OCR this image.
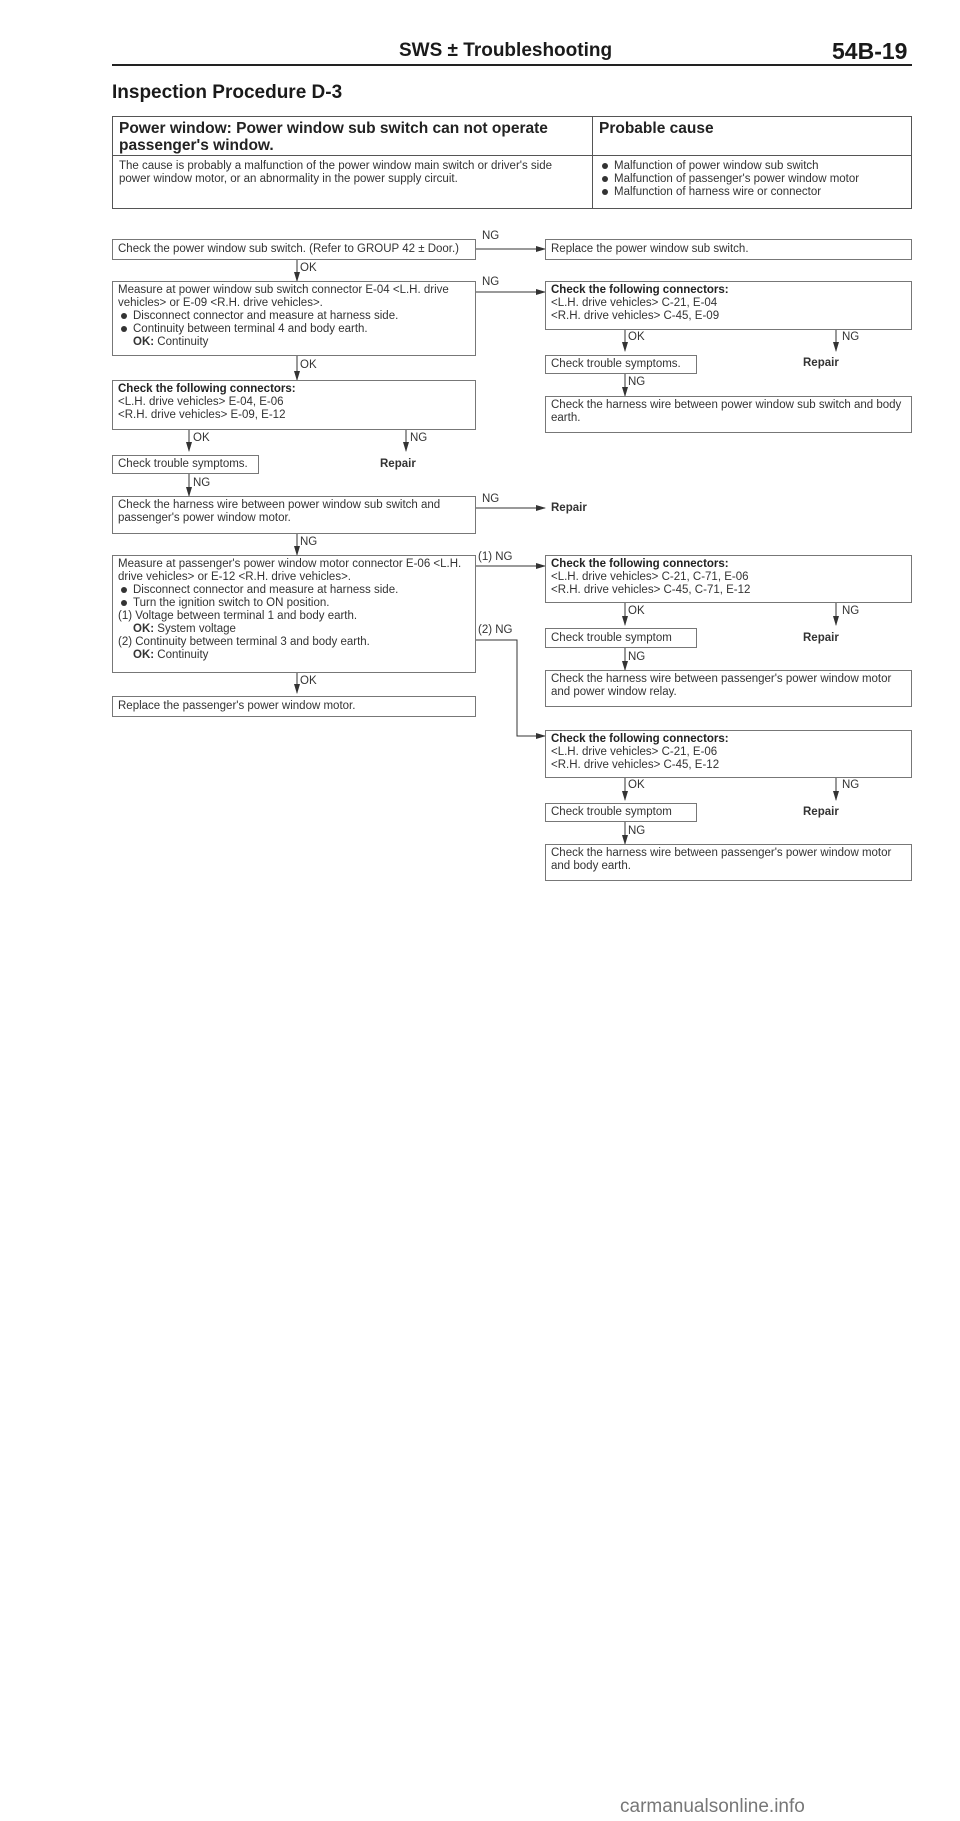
SWS ± Troubleshooting	54B-19
Inspection Procedure D-3
Power window: Power window sub switch can not operate passenger's window.
Probable cause
The cause is probably a malfunction of the power window main switch or driver's side power window motor, or an abnormality in the power supply circuit.
Malfunction of power window sub switch
Malfunction of passenger's power window motor
Malfunction of harness wire or connector
Check the power window sub switch. (Refer to GROUP 42 ± Door.)	Replace the power window sub switch.
Measure at power window sub switch connector E-04 <L.H. drive vehicles> or E-09 <R.H. drive vehicles>.
Disconnect connector and measure at harness side.
Continuity between terminal 4 and body earth.
OK: Continuity
Check the following connectors:
<L.H. drive vehicles> C-21, E-04
<R.H. drive vehicles> C-45, E-09
Check trouble symptoms.
Check the harness wire between power window sub switch and body earth.
Check the following connectors:
<L.H. drive vehicles> E-04, E-06
<R.H. drive vehicles> E-09, E-12
Check trouble symptoms.
Check the harness wire between power window sub switch and passenger's power window motor.
Measure at passenger's power window motor connector E-06 <L.H. drive vehicles> or E-12 <R.H. drive vehicles>.
Disconnect connector and measure at harness side.
Turn the ignition switch to ON position.
(1) Voltage between terminal 1 and body earth.
OK: System voltage
(2) Continuity between terminal 3 and body earth.
OK: Continuity
Replace the passenger's power window motor.
Check the following connectors:
<L.H. drive vehicles> C-21, C-71, E-06
<R.H. drive vehicles> C-45, C-71, E-12
Check trouble symptom
Check the harness wire between passenger's power window motor and power window relay.
Check the following connectors:
<L.H. drive vehicles> C-21, E-06
<R.H. drive vehicles> C-45, E-12
Check trouble symptom
Check the harness wire between passenger's power window motor and body earth.
NG
OK
NG
OK	NG
Repair
NG
OK
OK	NG
Repair
NG
NG
Repair
NG
(1) NG
(2) NG
OK	NG
Repair
NG
OK
OK	NG
Repair
NG
carmanualsonline.info
